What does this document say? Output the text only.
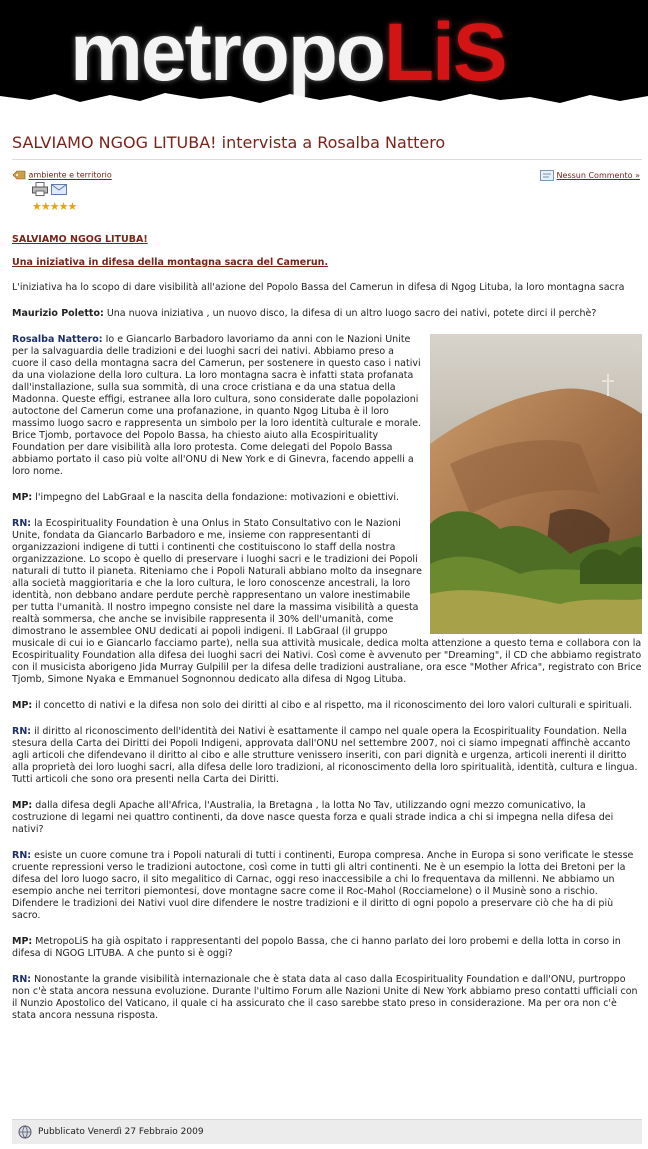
metropoLiS
SALVIAMO NGOG LITUBA! intervista a Rosalba Nattero
ambiente e territorio	Nessun Commento »

★★★★★
SALVIAMO NGOG LITUBA!
Una iniziativa in difesa della montagna sacra del Camerun.

L'iniziativa ha lo scopo di dare visibilità all'azione del Popolo Bassa del Camerun in difesa di Ngog Lituba, la loro montagna sacra

Maurizio Poletto: Una nuova iniziativa , un nuovo disco, la difesa di un altro luogo sacro dei nativi, potete dirci il perchè?

Rosalba Nattero: Io e Giancarlo Barbadoro lavoriamo da anni con le Nazioni Unite per la salvaguardia delle tradizioni e dei luoghi sacri dei nativi. Abbiamo preso a cuore il caso della montagna sacra del Camerun, per sostenere in questo caso i nativi da una violazione della loro cultura. La loro montagna sacra è infatti stata profanata dall'installazione, sulla sua sommità, di una croce cristiana e da una statua della Madonna. Queste effigi, estranee alla loro cultura, sono considerate dalle popolazioni autoctone del Camerun come una profanazione, in quanto Ngog Lituba è il loro massimo luogo sacro e rappresenta un simbolo per la loro identità culturale e morale. Brice Tjomb, portavoce del Popolo Bassa, ha chiesto aiuto alla Ecospirituality Foundation per dare visibilità alla loro protesta. Come delegati del Popolo Bassa abbiamo portato il caso più volte all'ONU di New York e di Ginevra, facendo appelli a loro nome.

MP: l'impegno del LabGraal e la nascita della fondazione: motivazioni e obiettivi.

RN: la Ecospirituality Foundation è una Onlus in Stato Consultativo con le Nazioni Unite, fondata da Giancarlo Barbadoro e me, insieme con rappresentanti di organizzazioni indigene di tutti i continenti che costituiscono lo staff della nostra organizzazione. Lo scopo è quello di preservare i luoghi sacri e le tradizioni dei Popoli naturali di tutto il pianeta. Riteniamo che i Popoli Naturali abbiano molto da insegnare alla società maggioritaria e che la loro cultura, le loro conoscenze ancestrali, la loro identità, non debbano andare perdute perchè rappresentano un valore inestimabile per tutta l'umanità. Il nostro impegno consiste nel dare la massima visibilità a questa realtà sommersa, che anche se invisibile rappresenta il 30% dell'umanità, come dimostrano le assemblee ONU dedicati ai popoli indigeni. Il LabGraal (il gruppo musicale di cui io e Giancarlo facciamo parte), nella sua attività musicale, dedica molta attenzione a questo tema e collabora con la Ecospirituality Foundation alla difesa dei luoghi sacri dei Nativi. Così come è avvenuto per "Dreaming", il CD che abbiamo registrato con il musicista aborigeno Jida Murray Gulpilil per la difesa delle tradizioni australiane, ora esce "Mother Africa", registrato con Brice Tjomb, Simone Nyaka e Emmanuel Sognonnou dedicato alla difesa di Ngog Lituba.

MP: il concetto di nativi e la difesa non solo dei diritti al cibo e al rispetto, ma il riconoscimento dei loro valori culturali e spirituali.

RN: il diritto al riconoscimento dell'identità dei Nativi è esattamente il campo nel quale opera la Ecospirituality Foundation. Nella stesura della Carta dei Diritti dei Popoli Indigeni, approvata dall'ONU nel settembre 2007, noi ci siamo impegnati affinchè accanto agli articoli che difendevano il diritto al cibo e alle strutture venissero inseriti, con pari dignità e urgenza, articoli inerenti il diritto alla proprietà dei loro luoghi sacri, alla difesa delle loro tradizioni, al riconoscimento della loro spiritualità, identità, cultura e lingua. Tutti articoli che sono ora presenti nella Carta dei Diritti.

MP: dalla difesa degli Apache all'Africa, l'Australia, la Bretagna , la lotta No Tav, utilizzando ogni mezzo comunicativo, la costruzione di legami nei quattro continenti, da dove nasce questa forza e quali strade indica a chi si impegna nella difesa dei nativi?

RN: esiste un cuore comune tra i Popoli naturali di tutti i continenti, Europa compresa. Anche in Europa si sono verificate le stesse cruente repressioni verso le tradizioni autoctone, così come in tutti gli altri continenti. Ne è un esempio la lotta dei Bretoni per la difesa del loro luogo sacro, il sito megalitico di Carnac, oggi reso inaccessibile a chi lo frequentava da millenni. Ne abbiamo un esempio anche nei territori piemontesi, dove montagne sacre come il Roc-Mahol (Rocciamelone) o il Musinè sono a rischio. Difendere le tradizioni dei Nativi vuol dire difendere le nostre tradizioni e il diritto di ogni popolo a preservare ciò che ha di più sacro.

MP: MetropoLiS ha già ospitato i rappresentanti del popolo Bassa, che ci hanno parlato dei loro probemi e della lotta in corso in difesa di NGOG LITUBA. A che punto si è oggi?

RN: Nonostante la grande visibilità internazionale che è stata data al caso dalla Ecospirituality Foundation e dall'ONU, purtroppo non c'è stata ancora nessuna evoluzione. Durante l'ultimo Forum alle Nazioni Unite di New York abbiamo preso contatti ufficiali con il Nunzio Apostolico del Vaticano, il quale ci ha assicurato che il caso sarebbe stato preso in considerazione. Ma per ora non c'è stata ancora nessuna risposta.

Pubblicato Venerdì 27 Febbraio 2009
